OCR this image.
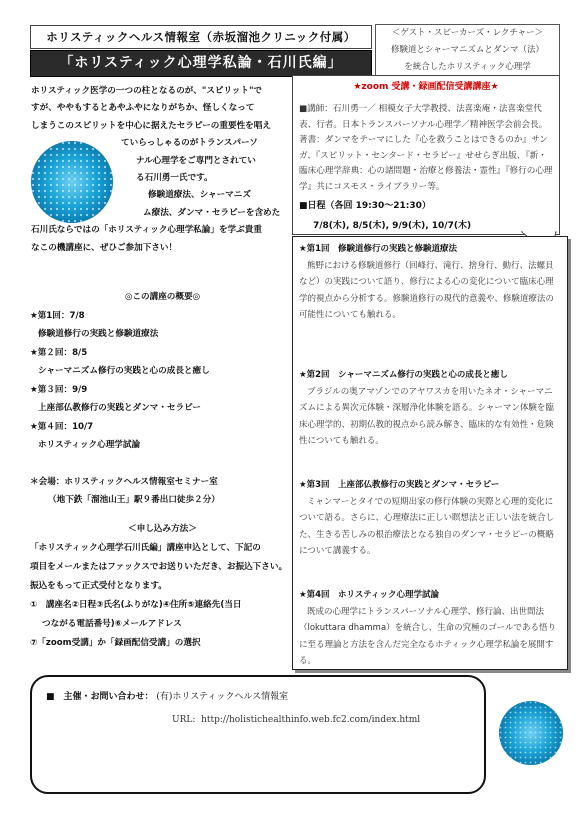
ホリスティックヘルス情報室（赤坂溜池クリニック付属）
「ホリスティック心理学私論・石川氏編」
＜ゲスト・スピーカーズ・レクチャー＞
修験道とシャーマニズムとダンマ（法）
を統合したホリスティック心理学

ホリスティック医学の一つの柱となるのが、"スピリット"で

すが、ややもするとあやふやになりがちか、怪しくなって

しまうこのスピリットを中心に据えたセラピーの重要性を唱え

ていらっしゃるのがトランスパーソ

ナル心理学をご専門とされてい

る石川勇一氏です。

修験道療法、シャーマニズ

ム療法、ダンマ・セラピーを含めた

石川氏ならではの「ホリスティック心理学私論」を学ぶ貴重

なこの機講座に、ぜひご参加下さい！

◎この講座の概要◎

★第1回：7/8

修験道修行の実践と修験道療法

★第２回：8/5

シャーマニズム修行の実践と心の成長と癒し

★第３回：9/9

上座部仏教修行の実践とダンマ・セラピー

★第４回：10/7

ホリスティック心理学試論

＊会場：ホリスティックヘルス情報室セミナー室

（地下鉄「溜池山王」駅９番出口徒歩２分）

＜申し込み方法＞

「ホリスティック心理学石川氏編」講座申込として、下記の

項目をメールまたはファックスでお送りいただき、お振込下さい。

振込をもって正式受付となります。

①　講座名②日程③氏名(ふりがな)④住所⑤連絡先(当日

つながる電話番号)⑥メールアドレス

⑦「zoom受講」か「録画配信受講」の選択

★zoom 受講・録画配信受講講座★
■講師：石川勇一／ 相模女子大学教授、法喜楽庵・法喜楽堂代表、行者。日本トランスパーソナル心理学／精神医学会前会長。著書：ダンマをテーマにした『心を救うことはできるのか』サンガ、『スピリット・センタード・セラピー』せせらぎ出版、『新・臨床心理学辞典：心の諸問題・治療と修養法・霊性』『修行の心理学』共にコスモス・ライブラリー等。
■日程（各回 19:30〜21:30）
7/8(木), 8/5(木), 9/9(木), 10/7(木)
★第1回　修験道修行の実践と修験道療法
熊野における修験道修行（回峰行、滝行、捨身行、動行、法螺貝など）の実践について語り、修行による心の変化について臨床心理学的視点から分析する。修験道修行の現代的意義や、修験道療法の可能性についても触れる。
★第2回　シャーマニズム修行の実践と心の成長と癒し
ブラジルの奥アマゾンでのアヤワスカを用いたネオ・シャーマニズムによる異次元体験・深層浄化体験を語る。シャーマン体験を臨床心理学的、初期仏教的視点から読み解き、臨床的な有効性・危険性についても触れる。
★第3回　上座部仏教修行の実践とダンマ・セラピー
ミャンマーとタイでの短期出家の修行体験の実際と心理的変化について語る。さらに、心理療法に正しい瞑想法と正しい法を統合した、生きる苦しみの根治療法となる独自のダンマ・セラピーの概略について講義する。
★第4回　ホリスティック心理学試論
既成の心理学にトランスパーソナル心理学、修行論、出世間法（lokuttara dhamma）を統合し、生命の究極のゴールである悟りに至る理論と方法を含んだ完全なるホティック心理学私論を展開する。
■　主催・お問い合わせ： (有)ホリスティックヘルス情報室
URL: http://holistichealthinfo.web.fc2.com/index.html
